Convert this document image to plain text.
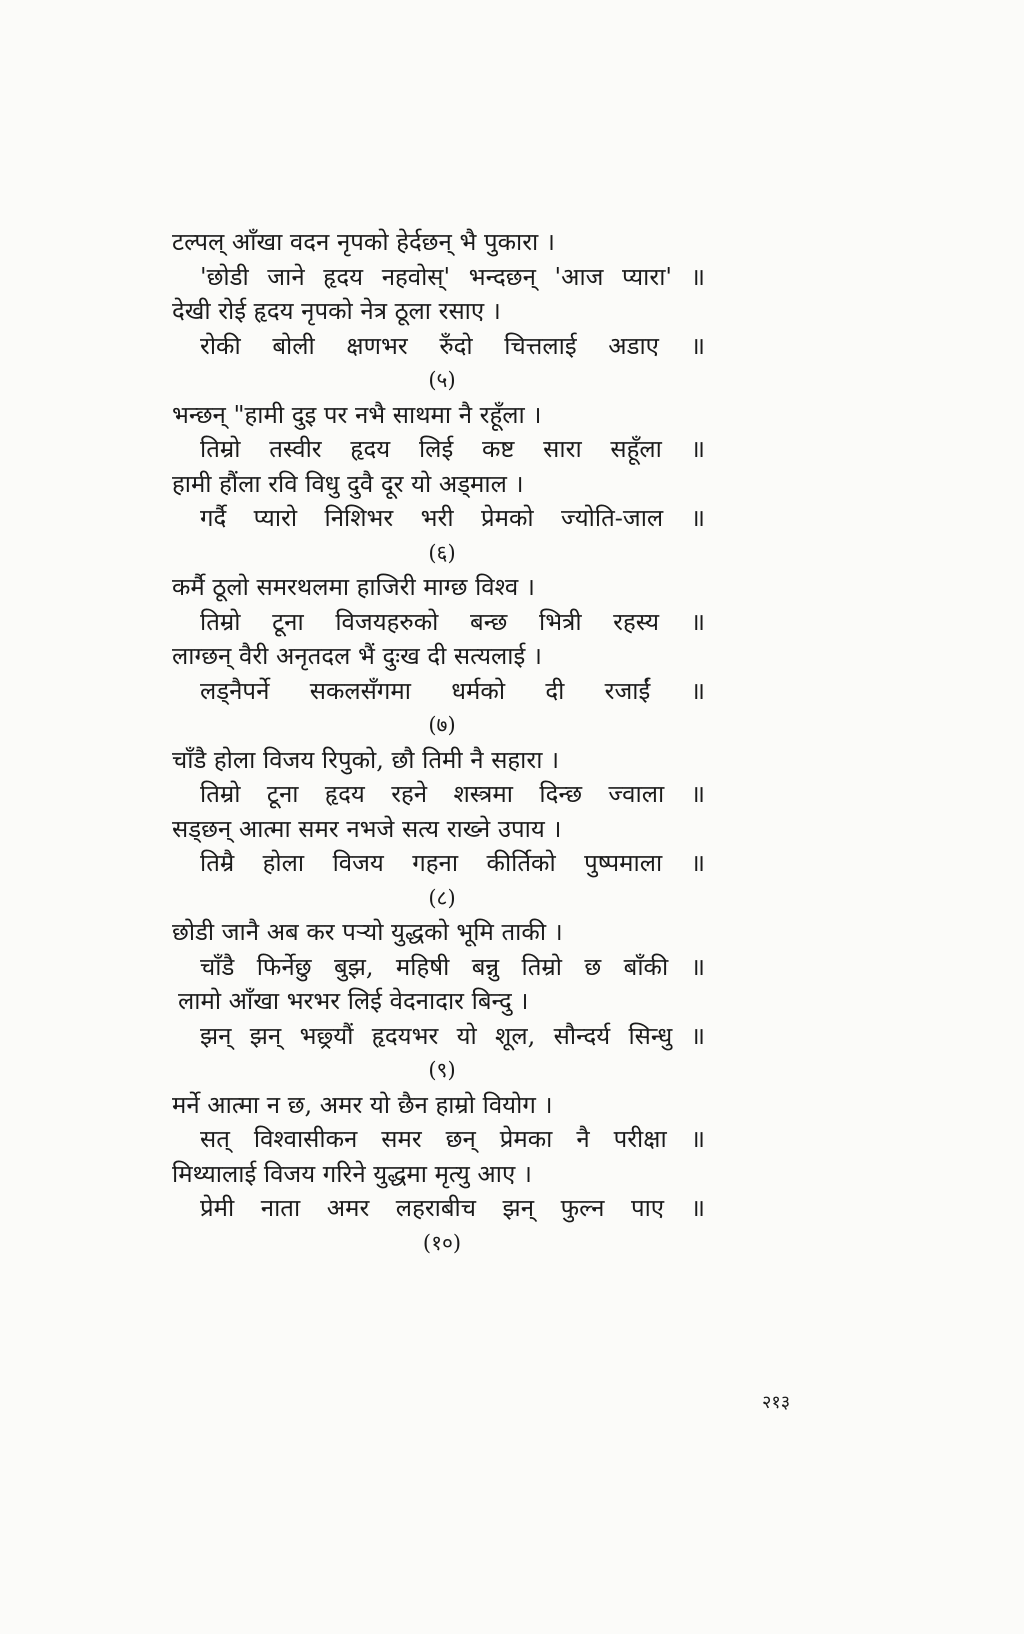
टल्पल् आँखा वदन नृपको हेर्दछन् भै पुकारा ।
'छोडी जाने हृदय नहवोस्' भन्दछन् 'आज प्यारा' ॥
देखी रोई हृदय नृपको नेत्र ठूला रसाए ।
रोकी बोली क्षणभर रुँदो चित्तलाई अडाए ॥
(५)
भन्छन् "हामी दुइ पर नभै साथमा नै रहूँला ।
तिम्रो तस्वीर हृदय लिई कष्ट सारा सहूँला ॥
हामी हौंला रवि विधु दुवै दूर यो अड्माल ।
गर्दै प्यारो निशिभर भरी प्रेमको ज्योति-जाल ॥
(६)
कर्मै ठूलो समरथलमा हाजिरी माग्छ विश्व ।
तिम्रो टूना विजयहरुको बन्छ भित्री रहस्य ॥
लाग्छन् वैरी अनृतदल भैं दुःख दी सत्यलाई ।
लड्नैपर्ने सकलसँगमा धर्मको दी रजाईं ॥
(७)
चाँडै होला विजय रिपुको, छौ तिमी नै सहारा ।
तिम्रो टूना हृदय रहने शस्त्रमा दिन्छ ज्वाला ॥
सड्छन् आत्मा समर नभजे सत्य राख्ने उपाय ।
तिम्रै होला विजय गहना कीर्तिको पुष्पमाला ॥
(८)
छोडी जानै अब कर पऱ्यो युद्धको भूमि ताकी ।
चाँडै फिर्नेछु बुझ, महिषी बन्नु तिम्रो छ बाँकी ॥
लामो आँखा भरभर लिई वेदनादार बिन्दु ।
झन् झन् भछ्र्यौं हृदयभर यो शूल, सौन्दर्य सिन्धु ॥
(९)
मर्ने आत्मा न छ, अमर यो छैन हाम्रो वियोग ।
सत् विश्वासीकन समर छन् प्रेमका नै परीक्षा ॥
मिथ्यालाई विजय गरिने युद्धमा मृत्यु आए ।
प्रेमी नाता अमर लहराबीच झन् फुल्न पाए ॥
(१०)
२१३
